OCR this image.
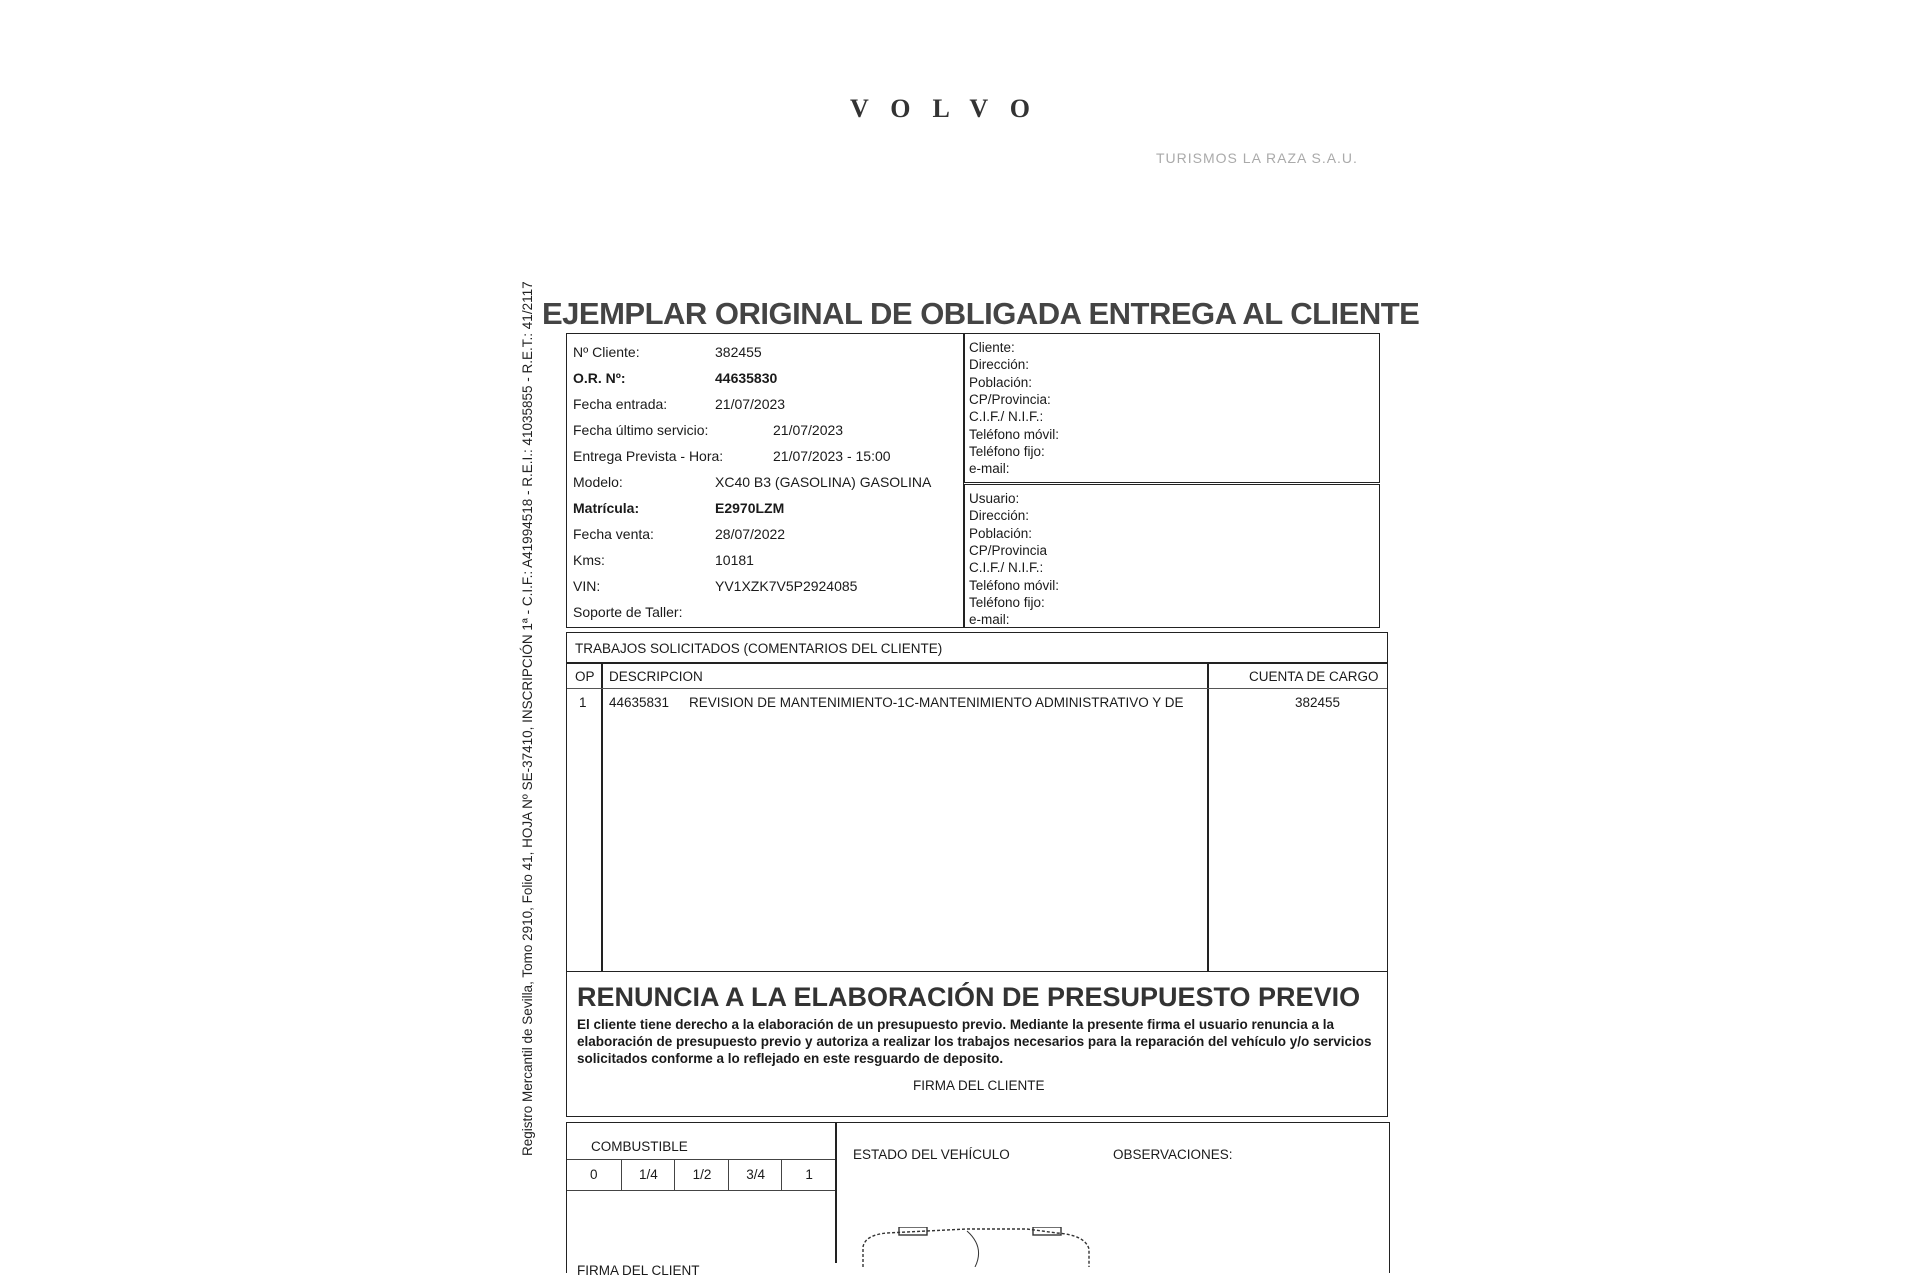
VOLVO
TURISMOS LA RAZA S.A.U.
Registro Mercantil de Sevilla, Tomo 2910, Folio 41, HOJA Nº SE-37410, INSCRIPCIÓN 1ª - C.I.F.: A41994518 - R.E.I.: 41035855 - R.E.T.: 41/2117 EJEMPLAR ORIGINAL DE OBLIGADA ENTREGA AL CLIENTE
Nº Cliente:	382455
O.R. Nº:	44635830
Fecha entrada:	21/07/2023
Fecha último servicio:	21/07/2023
Entrega Prevista - Hora:	21/07/2023 - 15:00
Modelo:	XC40 B3 (GASOLINA) GASOLINA
Matrícula:	E2970LZM
Fecha venta:	28/07/2022
Kms:	10181
VIN:	YV1XZK7V5P2924085
Soporte de Taller:
Cliente:
Dirección:
Población:
CP/Provincia:
C.I.F./ N.I.F.:
Teléfono móvil:
Teléfono fijo:
e-mail:
Usuario:
Dirección:
Población:
CP/Provincia
C.I.F./ N.I.F.:
Teléfono móvil:
Teléfono fijo:
e-mail:
TRABAJOS SOLICITADOS (COMENTARIOS DEL CLIENTE)
OP DESCRIPCION	CUENTA DE CARGO
1 44635831 REVISION DE MANTENIMIENTO-1C-MANTENIMIENTO ADMINISTRATIVO Y DE	382455
RENUNCIA A LA ELABORACIÓN DE PRESUPUESTO PREVIO
El cliente tiene derecho a la elaboración de un presupuesto previo. Mediante la presente firma el usuario renuncia a la elaboración de presupuesto previo y autoriza a realizar los trabajos necesarios para la reparación del vehículo y/o servicios solicitados conforme a lo reflejado en este resguardo de deposito.
FIRMA DEL CLIENTE
COMBUSTIBLE
0	1/4	1/2	3/4	1
ESTADO DEL VEHÍCULO	OBSERVACIONES:
FIRMA DEL CLIENT
